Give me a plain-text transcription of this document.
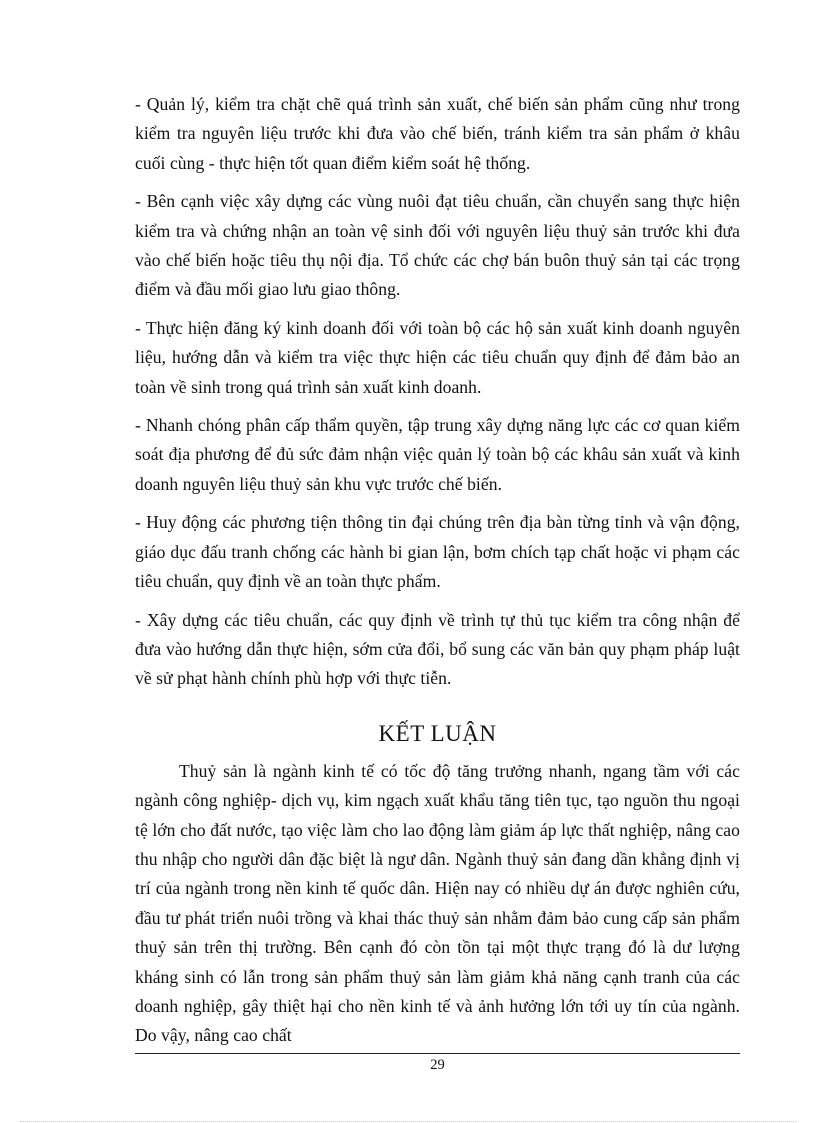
- Quản lý, kiểm tra chặt chẽ quá trình sản xuất, chế biến sản phẩm cũng như trong kiểm tra nguyên liệu trước khi đưa vào chế biến, tránh kiểm tra sản phẩm ở khâu cuối cùng - thực hiện tốt quan điểm kiểm soát hệ thống.

- Bên cạnh việc xây dựng các vùng nuôi đạt tiêu chuẩn, cần chuyển sang thực hiện kiểm tra và chứng nhận an toàn vệ sinh đối với nguyên liệu thuỷ sản trước khi đưa vào chế biến hoặc tiêu thụ nội địa. Tổ chức các chợ bán buôn thuỷ sản tại các trọng điểm và đầu mối giao lưu giao thông.

- Thực hiện đăng ký kinh doanh đối với toàn bộ các hộ sản xuất kinh doanh nguyên liệu, hướng dẫn và kiểm tra việc thực hiện các tiêu chuẩn quy định để đảm bảo an toàn về sinh trong quá trình sản xuất kinh doanh.

- Nhanh chóng phân cấp thẩm quyền, tập trung xây dựng năng lực các cơ quan kiểm soát địa phương để đủ sức đảm nhận việc quản lý toàn bộ các khâu sản xuất và kinh doanh nguyên liệu thuỷ sản khu vực trước chế biến.

- Huy động các phương tiện thông tin đại chúng trên địa bàn từng tỉnh và vận động, giáo dục đấu tranh chống các hành bi gian lận, bơm chích tạp chất hoặc vi phạm các tiêu chuẩn, quy định về an toàn thực phẩm.

- Xây dựng các tiêu chuẩn, các quy định về trình tự thủ tục kiểm tra công nhận để đưa vào hướng dẫn thực hiện, sớm cửa đổi, bổ sung các văn bản quy phạm pháp luật về sử phạt hành chính phù hợp với thực tiễn.

KẾT LUẬN

Thuỷ sản là ngành kinh tế có tốc độ tăng trưởng nhanh, ngang tầm với các ngành công nghiệp- dịch vụ, kim ngạch xuất khẩu tăng tiên tục, tạo nguồn thu ngoại tệ lớn cho đất nước, tạo việc làm cho lao động làm giảm áp lực thất nghiệp, nâng cao thu nhập cho người dân đặc biệt là ngư dân. Ngành thuỷ sản đang dần khẳng định vị trí của ngành trong nền kinh tế quốc dân. Hiện nay có nhiều dự án được nghiên cứu, đầu tư phát triển nuôi trồng và khai thác thuỷ sản nhằm đảm bảo cung cấp sản phẩm thuỷ sản trên thị trường. Bên cạnh đó còn tồn tại một thực trạng đó là dư lượng kháng sinh có lẫn trong sản phẩm thuỷ sản làm giảm khả năng cạnh tranh của các doanh nghiệp, gây thiệt hại cho nền kinh tế và ảnh hưởng lớn tới uy tín của ngành. Do vậy, nâng cao chất

29
